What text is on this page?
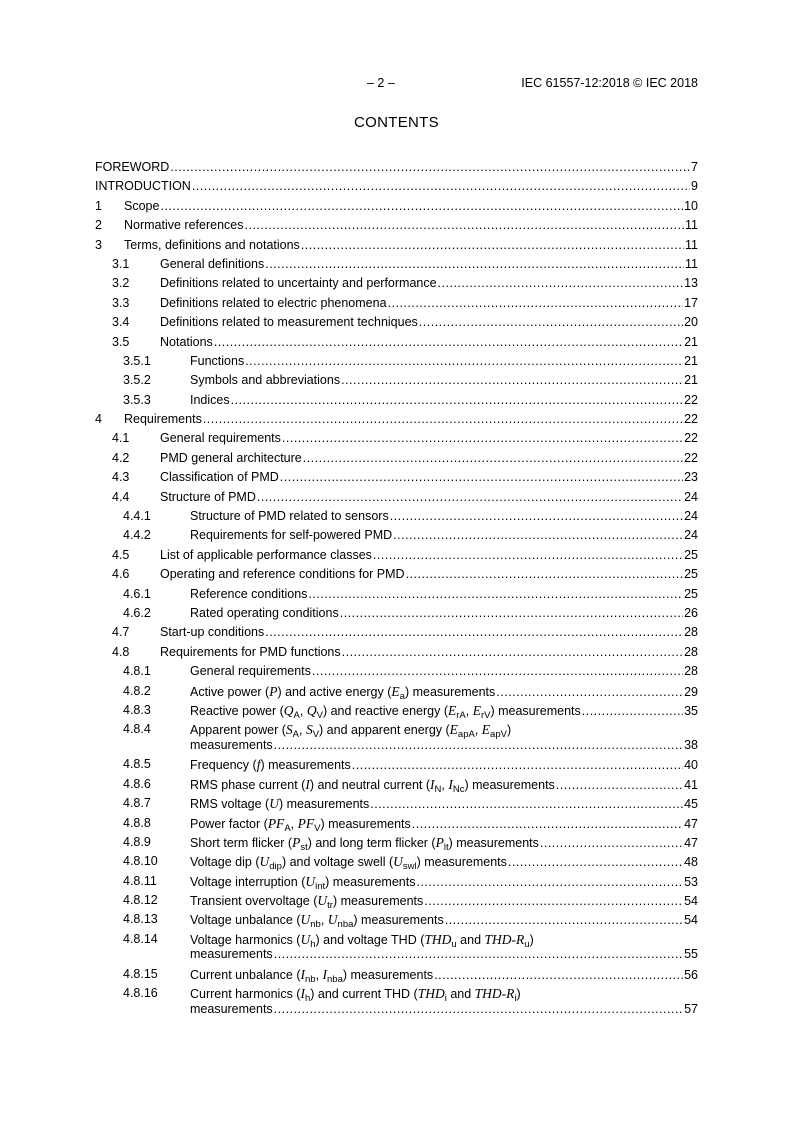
– 2 –	IEC 61557-12:2018 © IEC 2018
CONTENTS
FOREWORD .....	7
INTRODUCTION .....	9
1 Scope .....	10
2 Normative references .....	11
3 Terms, definitions and notations .....	11
3.1 General definitions .....	11
3.2 Definitions related to uncertainty and performance .....	13
3.3 Definitions related to electric phenomena .....	17
3.4 Definitions related to measurement techniques .....	20
3.5 Notations .....	21
3.5.1	Functions .....	21
3.5.2	Symbols and abbreviations .....	21
3.5.3	Indices .....	22
4 Requirements .....	22
4.1 General requirements .....	22
4.2 PMD general architecture .....	22
4.3 Classification of PMD .....	23
4.4 Structure of PMD .....	24
4.4.1	Structure of PMD related to sensors .....	24
4.4.2	Requirements for self-powered PMD .....	24
4.5 List of applicable performance classes .....	25
4.6 Operating and reference conditions for PMD .....	25
4.6.1	Reference conditions .....	25
4.6.2	Rated operating conditions .....	26
4.7 Start-up conditions .....	28
4.8 Requirements for PMD functions .....	28
4.8.1	General requirements .....	28
4.8.2	Active power (P) and active energy $(E_a)$ measurements .....	29
4.8.3	Reactive power ($Q_A$, $Q_V$) and reactive energy ($E_{rA}$, $E_{rV}$) measurements .....	35
4.8.4	Apparent power ($S_A$, $S_V$) and apparent energy ($E_{apA}$, $E_{apV}$)
measurements .....	38
4.8.5	Frequency (f) measurements .....	40
4.8.6	RMS phase current (I) and neutral current ($I_N$, $I_{Nc}$) measurements .....	41
4.8.7	RMS voltage (U) measurements .....	45
4.8.8	Power factor ($PF_A$, $PF_V$) measurements .....	47
4.8.9	Short term flicker $(P_{st})$ and long term flicker $(P_{lt})$ measurements .....	47
4.8.10	Voltage dip $(U_{dip})$ and voltage swell $(U_{swl})$ measurements .....	48
4.8.11	Voltage interruption $(U_{int})$ measurements .....	53
4.8.12	Transient overvoltage $(U_{tr})$ measurements .....	54
4.8.13	Voltage unbalance ($U_{nb}$, $U_{nba}$) measurements .....	54
4.8.14	Voltage harmonics $(U_h)$ and voltage THD ($THD_u$ and THD-$R_u$)
measurements .....	55
4.8.15	Current unbalance ($I_{nb}$, $I_{nba}$) measurements .....	56
4.8.16	Current harmonics $(I_h)$ and current THD ($THD_i$ and THD-$R_i$)
measurements .....	57
